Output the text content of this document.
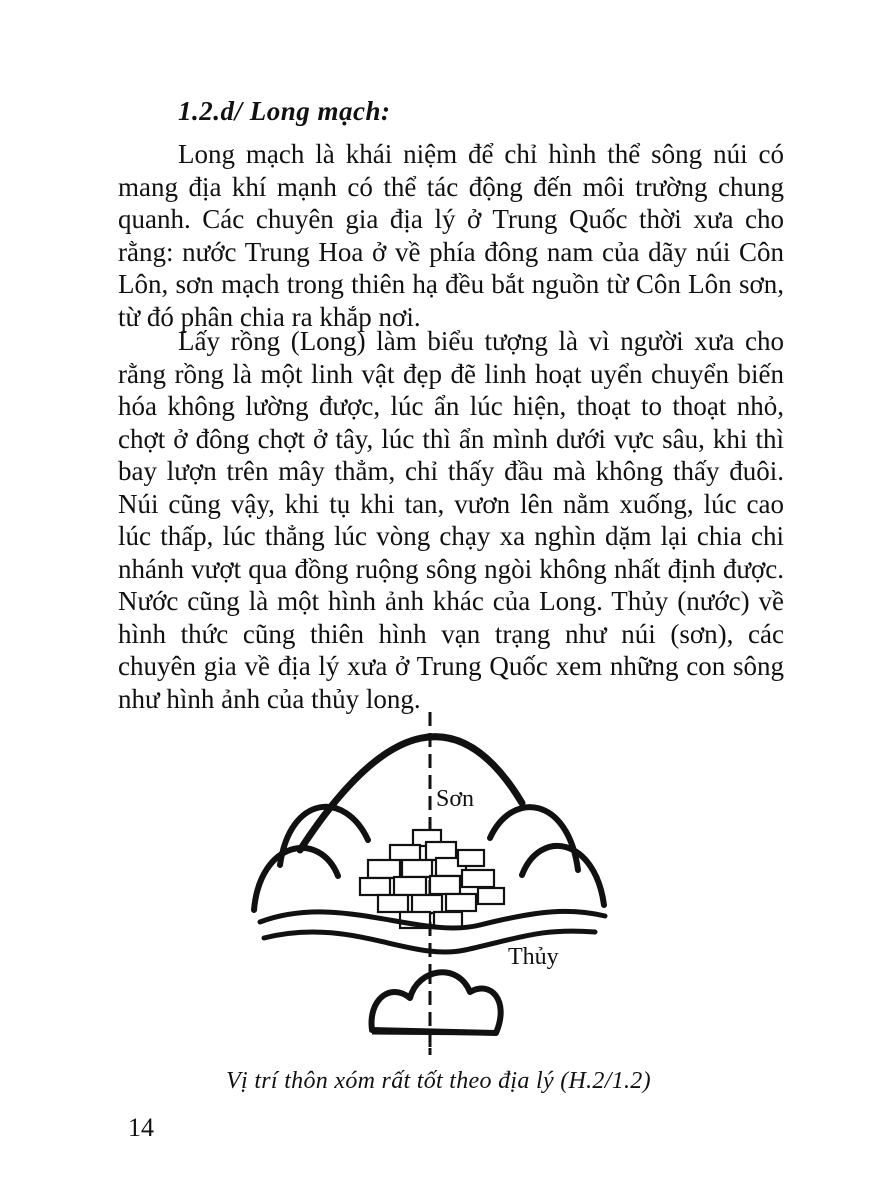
1.2.d/ Long mạch:

Long mạch là khái niệm để chỉ hình thể sông núi có mang địa khí mạnh có thể tác động đến môi trường chung quanh. Các chuyên gia địa lý ở Trung Quốc thời xưa cho rằng: nước Trung Hoa ở về phía đông nam của dãy núi Côn Lôn, sơn mạch trong thiên hạ đều bắt nguồn từ Côn Lôn sơn, từ đó phân chia ra khắp nơi.

Lấy rồng (Long) làm biểu tượng là vì người xưa cho rằng rồng là một linh vật đẹp đẽ linh hoạt uyển chuyển biến hóa không lường được, lúc ẩn lúc hiện, thoạt to thoạt nhỏ, chợt ở đông chợt ở tây, lúc thì ẩn mình dưới vực sâu, khi thì bay lượn trên mây thẳm, chỉ thấy đầu mà không thấy đuôi. Núi cũng vậy, khi tụ khi tan, vươn lên nằm xuống, lúc cao lúc thấp, lúc thẳng lúc vòng chạy xa nghìn dặm lại chia chi nhánh vượt qua đồng ruộng sông ngòi không nhất định được. Nước cũng là một hình ảnh khác của Long. Thủy (nước) về hình thức cũng thiên hình vạn trạng như núi (sơn), các chuyên gia về địa lý xưa ở Trung Quốc xem những con sông như hình ảnh của thủy long.

Sơn
Thủy
Vị trí thôn xóm rất tốt theo địa lý (H.2/1.2)
14
